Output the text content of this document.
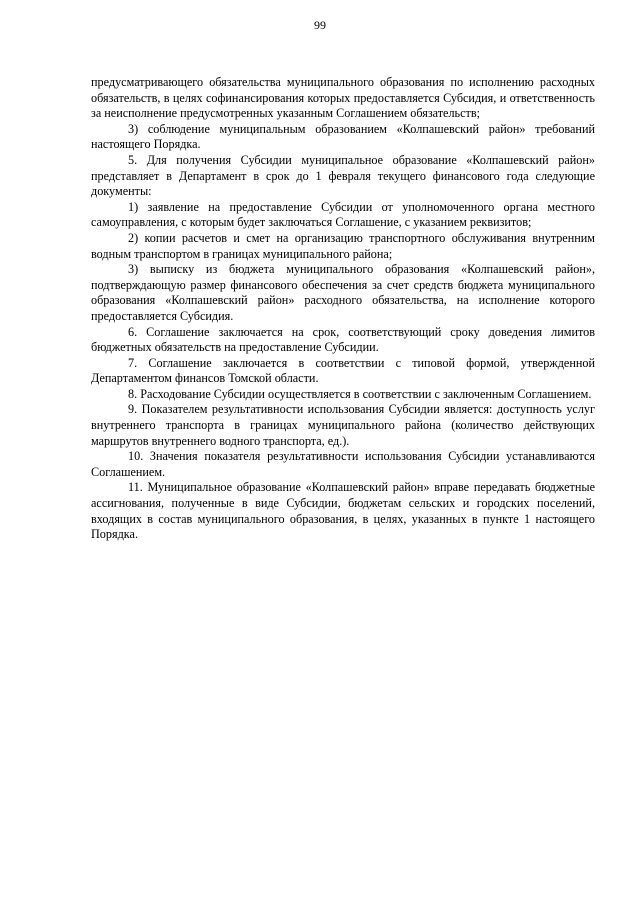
99

предусматривающего обязательства муниципального образования по исполнению расходных обязательств, в целях софинансирования которых предоставляется Субсидия, и ответственность за неисполнение предусмотренных указанным Соглашением обязательств;

3) соблюдение муниципальным образованием «Колпашевский район» требований настоящего Порядка.

5. Для получения Субсидии муниципальное образование «Колпашевский район» представляет в Департамент в срок до 1 февраля текущего финансового года следующие документы:

1) заявление на предоставление Субсидии от уполномоченного органа местного самоуправления, с которым будет заключаться Соглашение, с указанием реквизитов;

2) копии расчетов и смет на организацию транспортного обслуживания внутренним водным транспортом в границах муниципального района;

3) выписку из бюджета муниципального образования «Колпашевский район», подтверждающую размер финансового обеспечения за счет средств бюджета муниципального образования «Колпашевский район» расходного обязательства, на исполнение которого предоставляется Субсидия.

6. Соглашение заключается на срок, соответствующий сроку доведения лимитов бюджетных обязательств на предоставление Субсидии.

7. Соглашение заключается в соответствии с типовой формой, утвержденной Департаментом финансов Томской области.

8. Расходование Субсидии осуществляется в соответствии с заключенным Соглашением.

9. Показателем результативности использования Субсидии является: доступность услуг внутреннего транспорта в границах муниципального района (количество действующих маршрутов внутреннего водного транспорта, ед.).

10. Значения показателя результативности использования Субсидии устанавливаются Соглашением.

11. Муниципальное образование «Колпашевский район» вправе передавать бюджетные ассигнования, полученные в виде Субсидии, бюджетам сельских и городских поселений, входящих в состав муниципального образования, в целях, указанных в пункте 1 настоящего Порядка.
